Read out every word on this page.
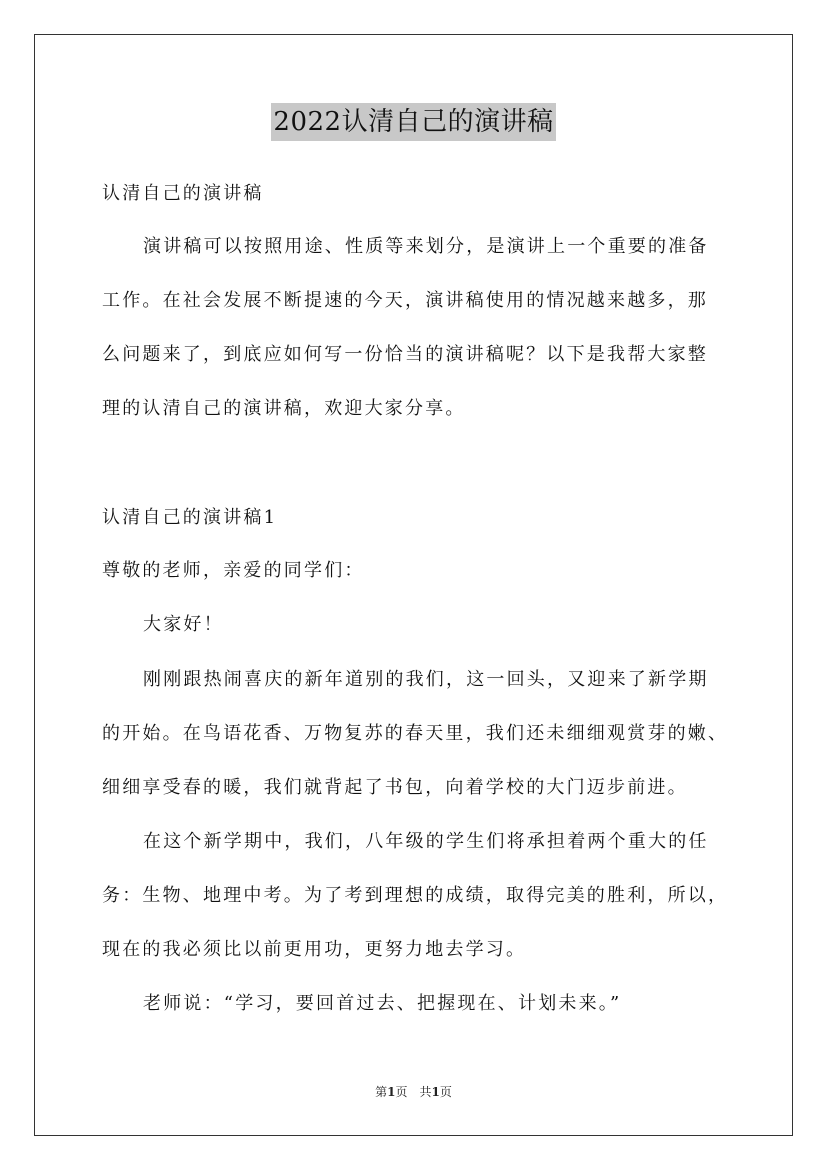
2022认清自己的演讲稿
认清自己的演讲稿
演讲稿可以按照用途、性质等来划分，是演讲上一个重要的准备
工作。在社会发展不断提速的今天，演讲稿使用的情况越来越多，那
么问题来了，到底应如何写一份恰当的演讲稿呢？以下是我帮大家整
理的认清自己的演讲稿，欢迎大家分享。
认清自己的演讲稿1
尊敬的老师，亲爱的同学们：
大家好！
刚刚跟热闹喜庆的新年道别的我们，这一回头，又迎来了新学期
的开始。在鸟语花香、万物复苏的春天里，我们还未细细观赏芽的嫩、
细细享受春的暖，我们就背起了书包，向着学校的大门迈步前进。
在这个新学期中，我们，八年级的学生们将承担着两个重大的任
务：生物、地理中考。为了考到理想的成绩，取得完美的胜利，所以，
现在的我必须比以前更用功，更努力地去学习。
老师说：“学习，要回首过去、把握现在、计划未来。”
第1页　共1页
